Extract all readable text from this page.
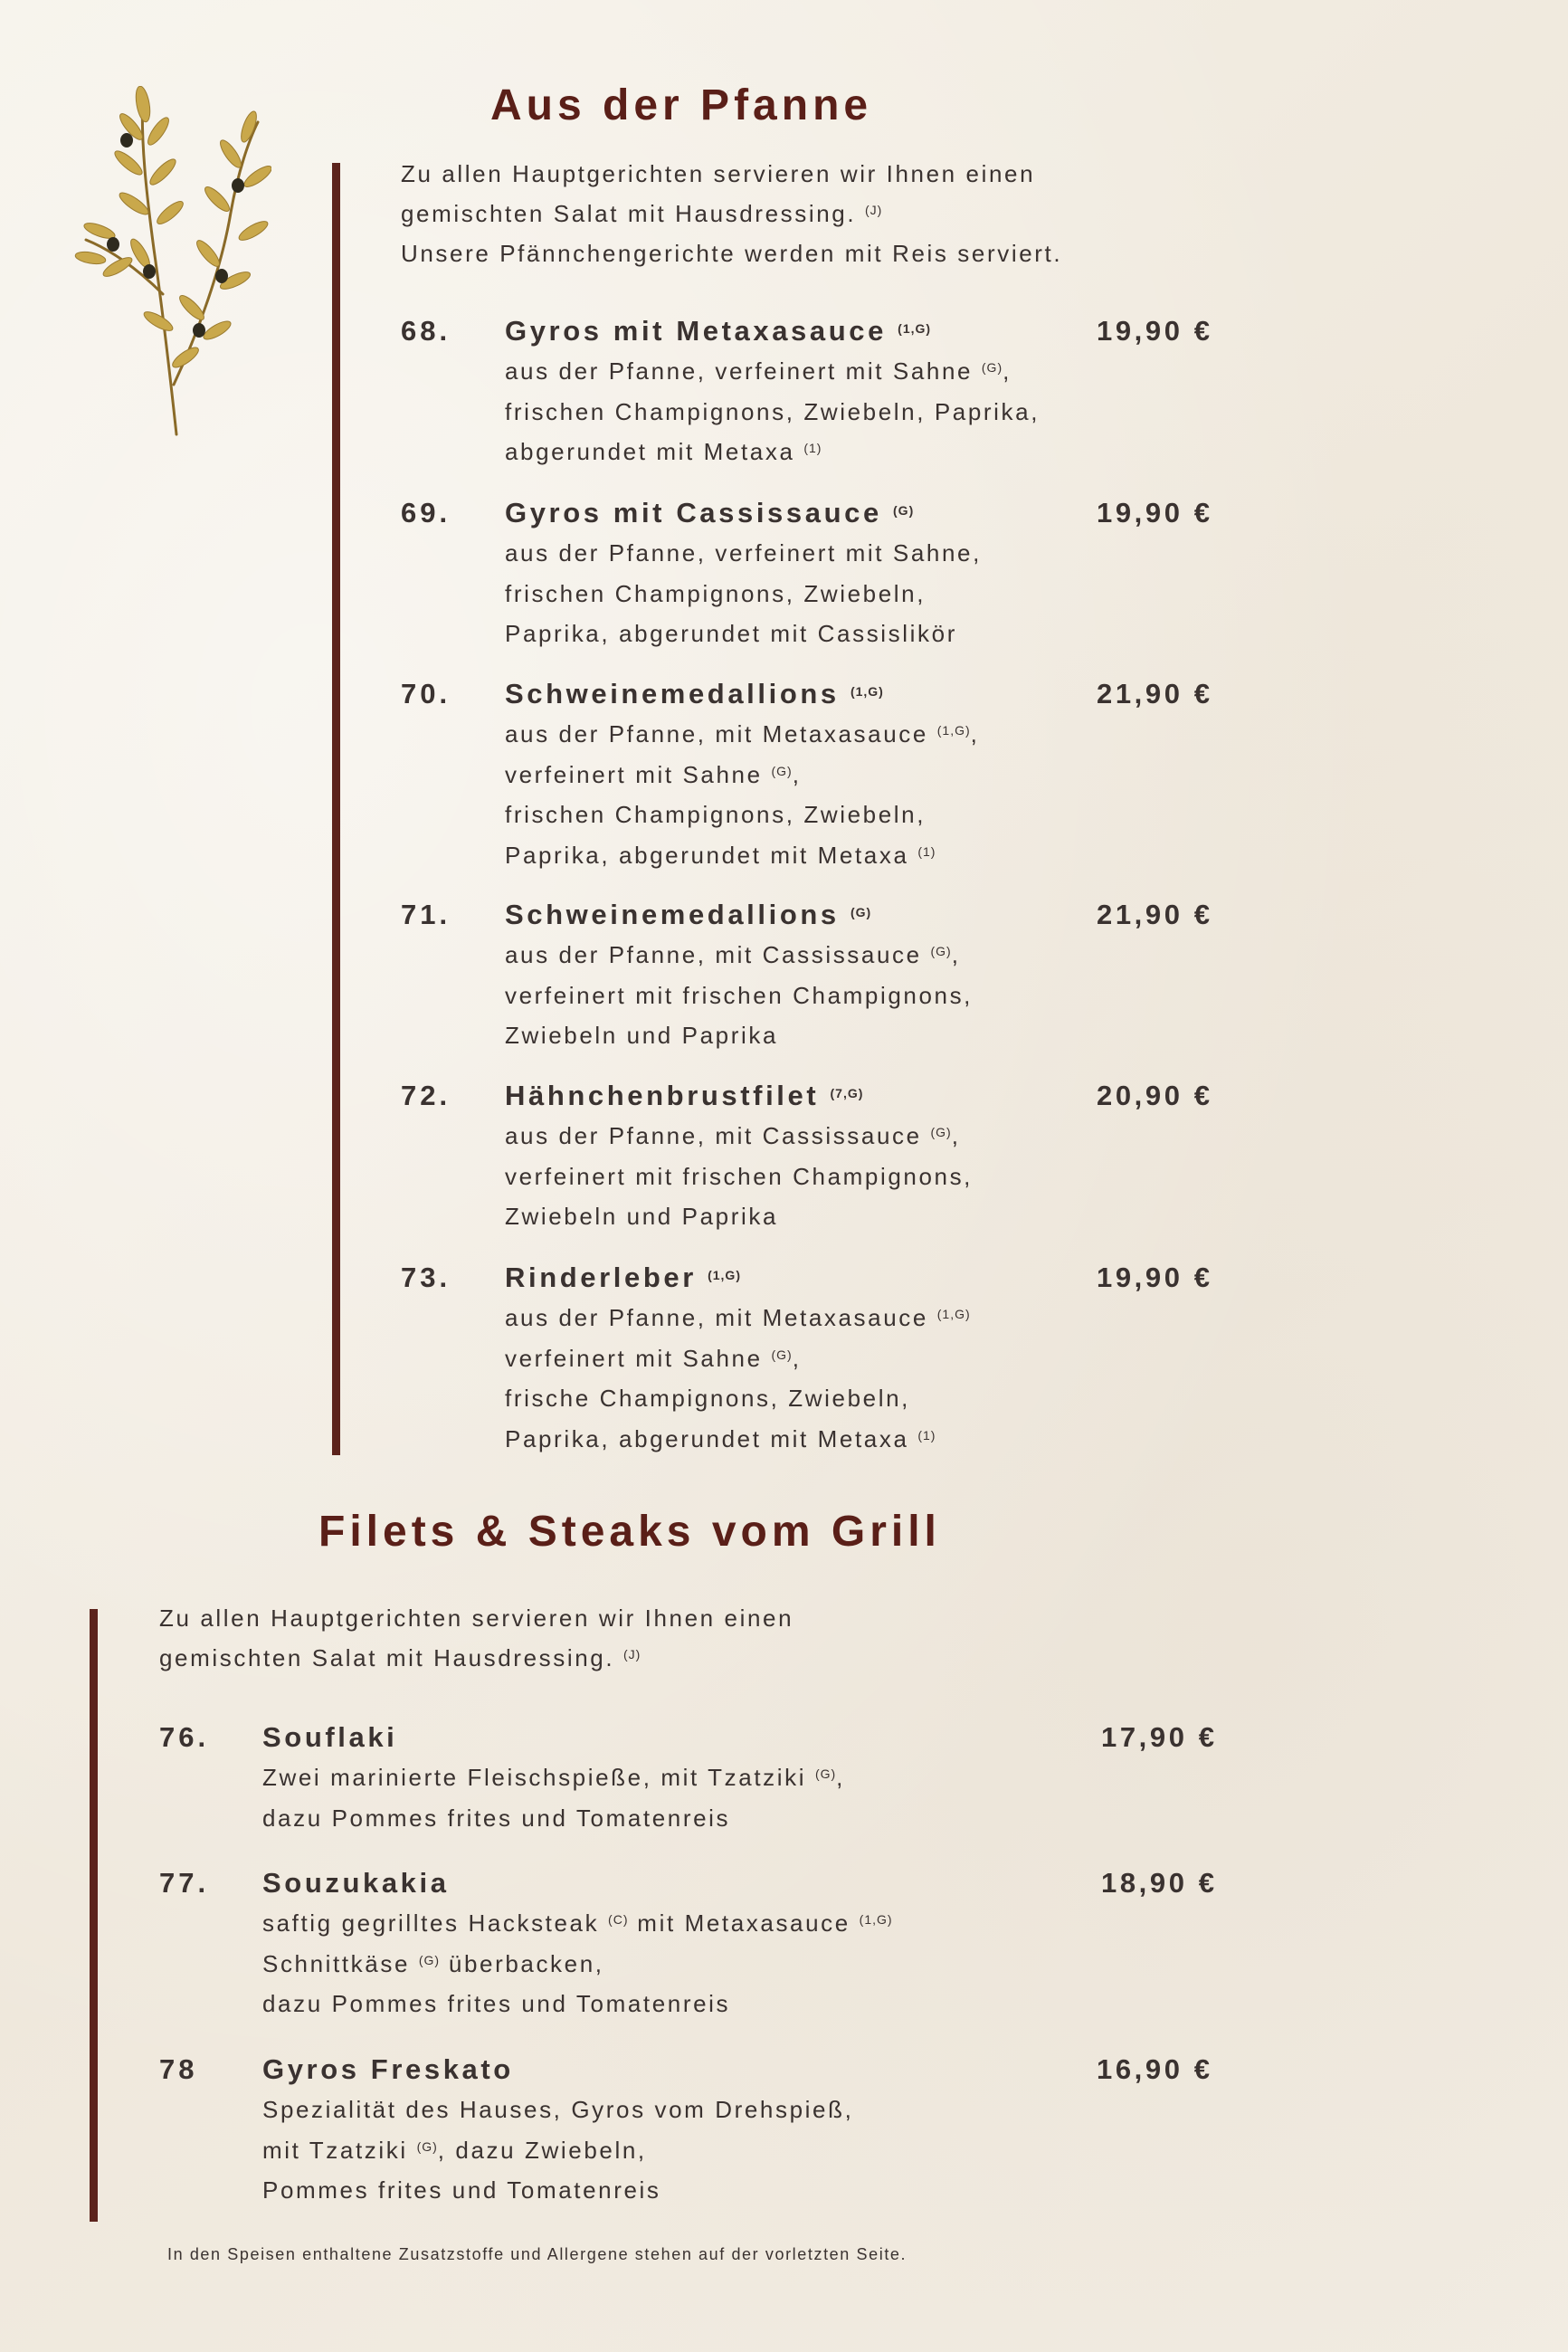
Aus der Pfanne

Zu allen Hauptgerichten servieren wir Ihnen einen

gemischten Salat mit Hausdressing. $^{(J)}$

Unsere Pfännchengerichte werden mit Reis serviert.

68. Gyros mit Metaxasauce $^{(1,G)}$	19,90 €

aus der Pfanne, verfeinert mit Sahne $^{(G)}$,

frischen Champignons, Zwiebeln, Paprika,

abgerundet mit Metaxa $^{(1)}$

69. Gyros mit Cassissauce $^{(G)}$	19,90 €

aus der Pfanne, verfeinert mit Sahne,

frischen Champignons, Zwiebeln,

Paprika, abgerundet mit Cassislikör

70. Schweinemedallions $^{(1,G)}$	21,90 €

aus der Pfanne, mit Metaxasauce $^{(1,G)}$,

verfeinert mit Sahne $^{(G)}$,

frischen Champignons, Zwiebeln,

Paprika, abgerundet mit Metaxa $^{(1)}$

71. Schweinemedallions $^{(G)}$	21,90 €

aus der Pfanne, mit Cassissauce $^{(G)}$,

verfeinert mit frischen Champignons,

Zwiebeln und Paprika

72. Hähnchenbrustfilet $^{(7,G)}$	20,90 €

aus der Pfanne, mit Cassissauce $^{(G)}$,

verfeinert mit frischen Champignons,

Zwiebeln und Paprika

73. Rinderleber $^{(1,G)}$	19,90 €

aus der Pfanne, mit Metaxasauce $^{(1,G)}$

verfeinert mit Sahne $^{(G)}$,

frische Champignons, Zwiebeln,

Paprika, abgerundet mit Metaxa $^{(1)}$

Filets & Steaks vom Grill

Zu allen Hauptgerichten servieren wir Ihnen einen

gemischten Salat mit Hausdressing. $^{(J)}$

76. Souflaki	17,90 €

Zwei marinierte Fleischspieße, mit Tzatziki $^{(G)}$,

dazu Pommes frites und Tomatenreis

77. Souzukakia	18,90 €

saftig gegrilltes Hacksteak $^{(C)}$ mit Metaxasauce $^{(1,G)}$

Schnittkäse $^{(G)}$ überbacken,

dazu Pommes frites und Tomatenreis

78 Gyros Freskato	16,90 €

Spezialität des Hauses, Gyros vom Drehspieß,

mit Tzatziki $^{(G)}$, dazu Zwiebeln,

Pommes frites und Tomatenreis

In den Speisen enthaltene Zusatzstoffe und Allergene stehen auf der vorletzten Seite.
